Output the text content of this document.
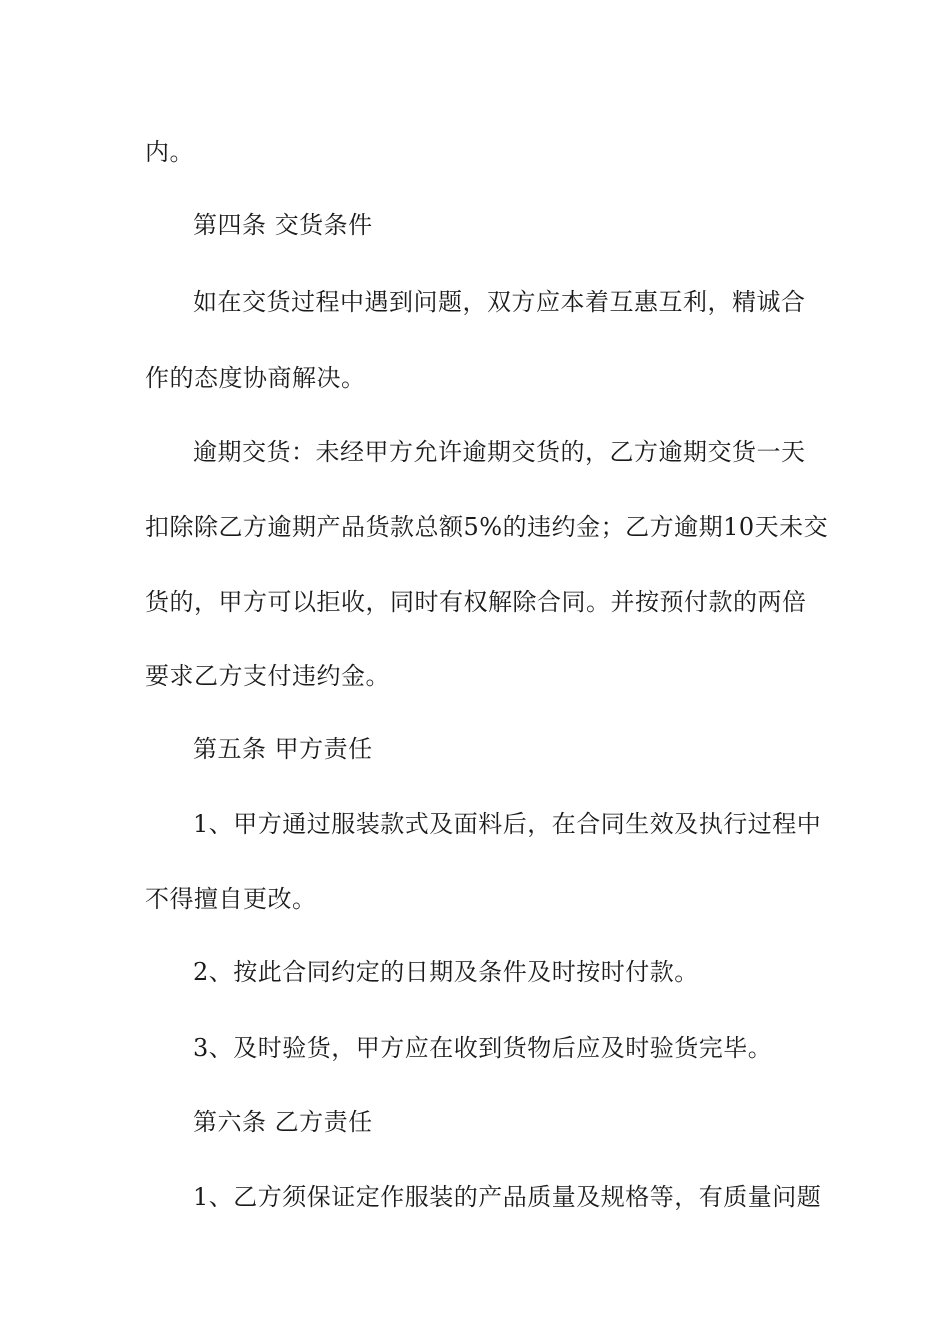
内。
第四条 交货条件
如在交货过程中遇到问题，双方应本着互惠互利，精诚合
作的态度协商解决。
逾期交货：未经甲方允许逾期交货的，乙方逾期交货一天
扣除除乙方逾期产品货款总额5%的违约金；乙方逾期10天未交
货的，甲方可以拒收，同时有权解除合同。并按预付款的两倍
要求乙方支付违约金。
第五条 甲方责任
1、甲方通过服装款式及面料后，在合同生效及执行过程中
不得擅自更改。
2、按此合同约定的日期及条件及时按时付款。
3、及时验货，甲方应在收到货物后应及时验货完毕。
第六条 乙方责任
1、乙方须保证定作服装的产品质量及规格等，有质量问题
